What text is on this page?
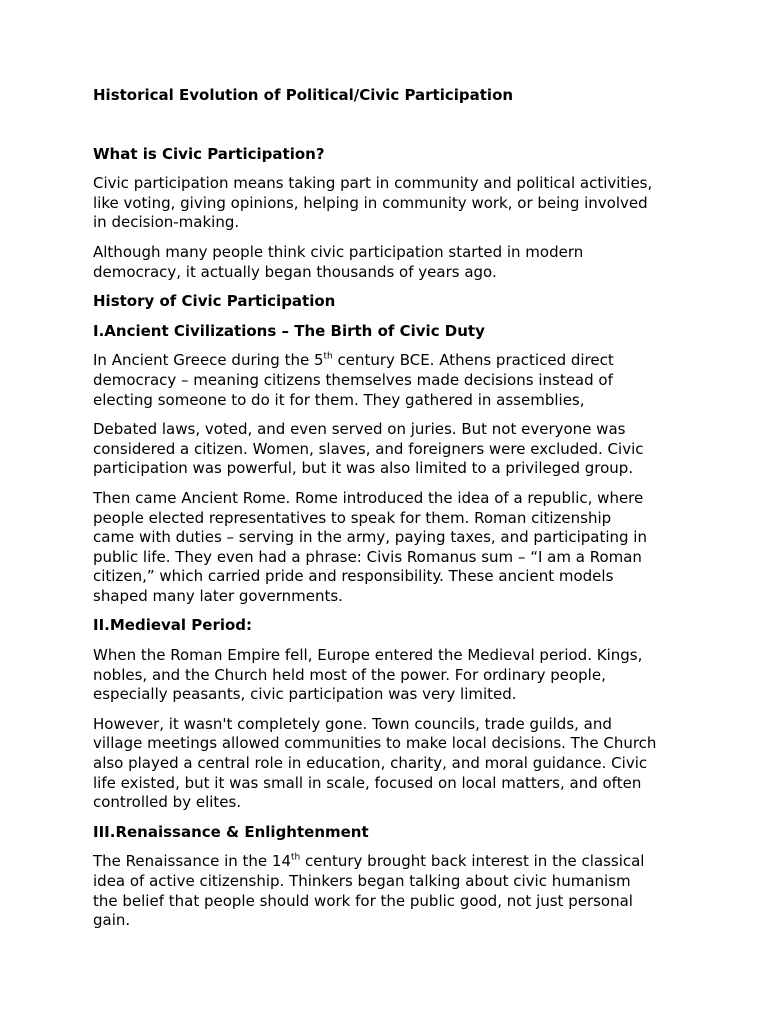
Historical Evolution of Political/Civic Participation
What is Civic Participation?
Civic participation means taking part in community and political activities,
like voting, giving opinions, helping in community work, or being involved
in decision-making.
Although many people think civic participation started in modern
democracy, it actually began thousands of years ago.
History of Civic Participation
I.Ancient Civilizations – The Birth of Civic Duty
In Ancient Greece during the 5th century BCE. Athens practiced direct
democracy – meaning citizens themselves made decisions instead of
electing someone to do it for them. They gathered in assemblies,
Debated laws, voted, and even served on juries. But not everyone was
considered a citizen. Women, slaves, and foreigners were excluded. Civic
participation was powerful, but it was also limited to a privileged group.
Then came Ancient Rome. Rome introduced the idea of a republic, where
people elected representatives to speak for them. Roman citizenship
came with duties – serving in the army, paying taxes, and participating in
public life. They even had a phrase: Civis Romanus sum – “I am a Roman
citizen,” which carried pride and responsibility. These ancient models
shaped many later governments.
II.Medieval Period:
When the Roman Empire fell, Europe entered the Medieval period. Kings,
nobles, and the Church held most of the power. For ordinary people,
especially peasants, civic participation was very limited.
However, it wasn't completely gone. Town councils, trade guilds, and
village meetings allowed communities to make local decisions. The Church
also played a central role in education, charity, and moral guidance. Civic
life existed, but it was small in scale, focused on local matters, and often
controlled by elites.
III.Renaissance & Enlightenment
The Renaissance in the 14th century brought back interest in the classical
idea of active citizenship. Thinkers began talking about civic humanism
the belief that people should work for the public good, not just personal
gain.
